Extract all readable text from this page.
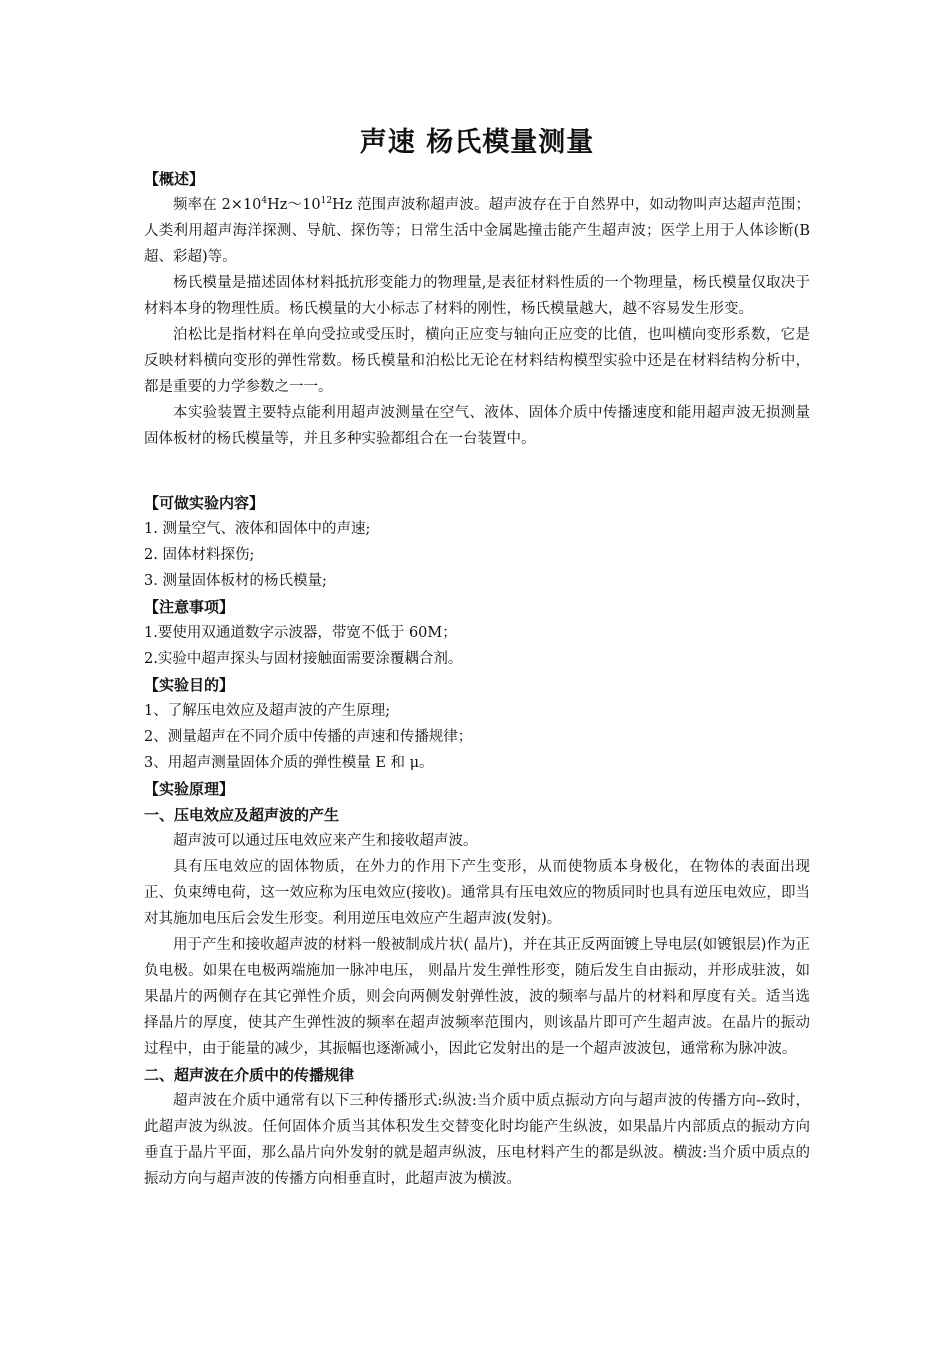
声速 杨氏模量测量

【概述】

频率在 $2\times 10^4Hz\sim 10^{12}Hz$ 范围声波称超声波。超声波存在于自然界中，如动物叫声达超声范围；人类利用超声海洋探测、导航、探伤等；日常生活中金属匙撞击能产生超声波；医学上用于人体诊断(B 超、彩超)等。

杨氏模量是描述固体材料抵抗形变能力的物理量,是表征材料性质的一个物理量，杨氏模量仅取决于材料本身的物理性质。杨氏模量的大小标志了材料的刚性，杨氏模量越大，越不容易发生形变。

泊松比是指材料在单向受拉或受压时，横向正应变与轴向正应变的比值，也叫横向变形系数，它是反映材料横向变形的弹性常数。杨氏模量和泊松比无论在材料结构模型实验中还是在材料结构分析中，都是重要的力学参数之一一。

本实验装置主要特点能利用超声波测量在空气、液体、固体介质中传播速度和能用超声波无损测量固体板材的杨氏模量等，并且多种实验都组合在一台装置中。

【可做实验内容】

1. 测量空气、液体和固体中的声速;

2. 固体材料探伤;

3. 测量固体板材的杨氏模量;

【注意事项】

1.要使用双通道数字示波器，带宽不低于 60M；

2.实验中超声探头与固材接触面需要涂覆耦合剂。

【实验目的】

1、了解压电效应及超声波的产生原理;

2、测量超声在不同介质中传播的声速和传播规律；

3、用超声测量固体介质的弹性模量 E 和 μ。

【实验原理】

一、压电效应及超声波的产生

超声波可以通过压电效应来产生和接收超声波。

具有压电效应的固体物质，在外力的作用下产生变形，从而使物质本身极化，在物体的表面出现正、负束缚电荷，这一效应称为压电效应(接收)。通常具有压电效应的物质同时也具有逆压电效应，即当对其施加电压后会发生形变。利用逆压电效应产生超声波(发射)。

用于产生和接收超声波的材料一般被制成片状( 晶片)，并在其正反两面镀上导电层(如镀银层)作为正负电极。如果在电极两端施加一脉冲电压， 则晶片发生弹性形变，随后发生自由振动，并形成驻波，如果晶片的两侧存在其它弹性介质，则会向两侧发射弹性波，波的频率与晶片的材料和厚度有关。适当选择晶片的厚度，使其产生弹性波的频率在超声波频率范围内，则该晶片即可产生超声波。在晶片的振动过程中，由于能量的减少，其振幅也逐渐减小，因此它发射出的是一个超声波波包，通常称为脉冲波。

二、超声波在介质中的传播规律

超声波在介质中通常有以下三种传播形式:纵波:当介质中质点振动方向与超声波的传播方向--致时，此超声波为纵波。任何固体介质当其体积发生交替变化时均能产生纵波，如果晶片内部质点的振动方向垂直于晶片平面，那么晶片向外发射的就是超声纵波，压电材料产生的都是纵波。横波:当介质中质点的振动方向与超声波的传播方向相垂直时，此超声波为横波。
